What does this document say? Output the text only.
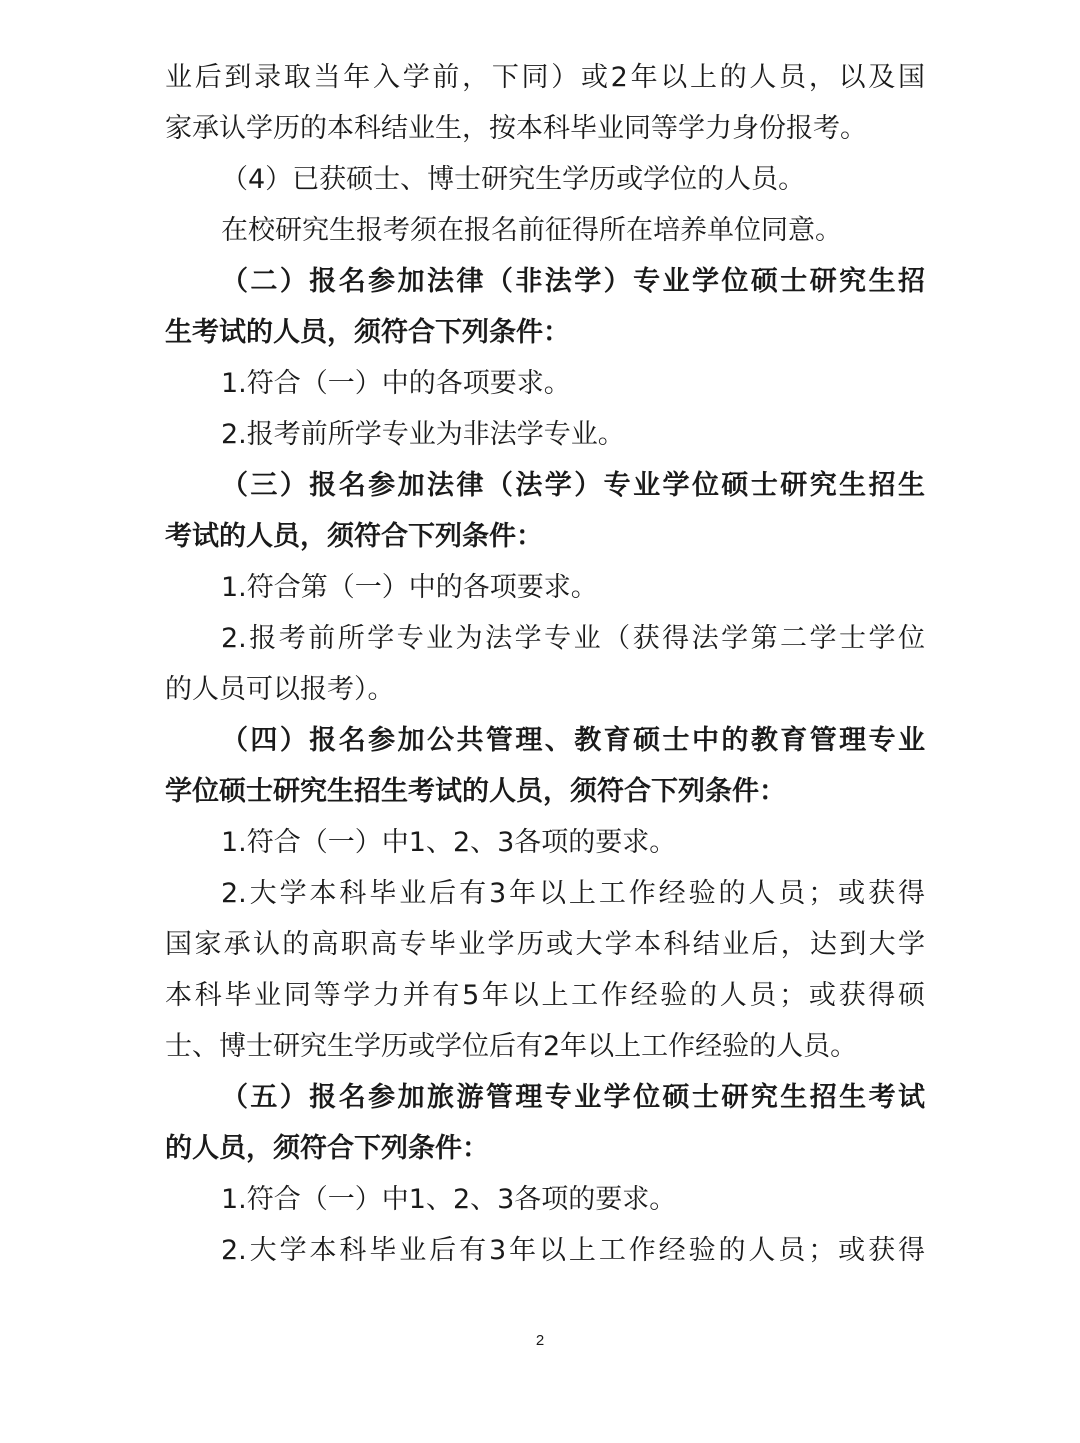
业后到录取当年入学前，下同）或2年以上的人员，以及国
家承认学历的本科结业生，按本科毕业同等学力身份报考。
（4）已获硕士、博士研究生学历或学位的人员。
在校研究生报考须在报名前征得所在培养单位同意。
（二）报名参加法律（非法学）专业学位硕士研究生招
生考试的人员，须符合下列条件：
1.符合（一）中的各项要求。
2.报考前所学专业为非法学专业。
（三）报名参加法律（法学）专业学位硕士研究生招生
考试的人员，须符合下列条件：
1.符合第（一）中的各项要求。
2.报考前所学专业为法学专业（获得法学第二学士学位
的人员可以报考）。
（四）报名参加公共管理、教育硕士中的教育管理专业
学位硕士研究生招生考试的人员，须符合下列条件：
1.符合（一）中1、2、3各项的要求。
2.大学本科毕业后有3年以上工作经验的人员；或获得
国家承认的高职高专毕业学历或大学本科结业后，达到大学
本科毕业同等学力并有5年以上工作经验的人员；或获得硕
士、博士研究生学历或学位后有2年以上工作经验的人员。
（五）报名参加旅游管理专业学位硕士研究生招生考试
的人员，须符合下列条件：
1.符合（一）中1、2、3各项的要求。
2.大学本科毕业后有3年以上工作经验的人员；或获得
2
